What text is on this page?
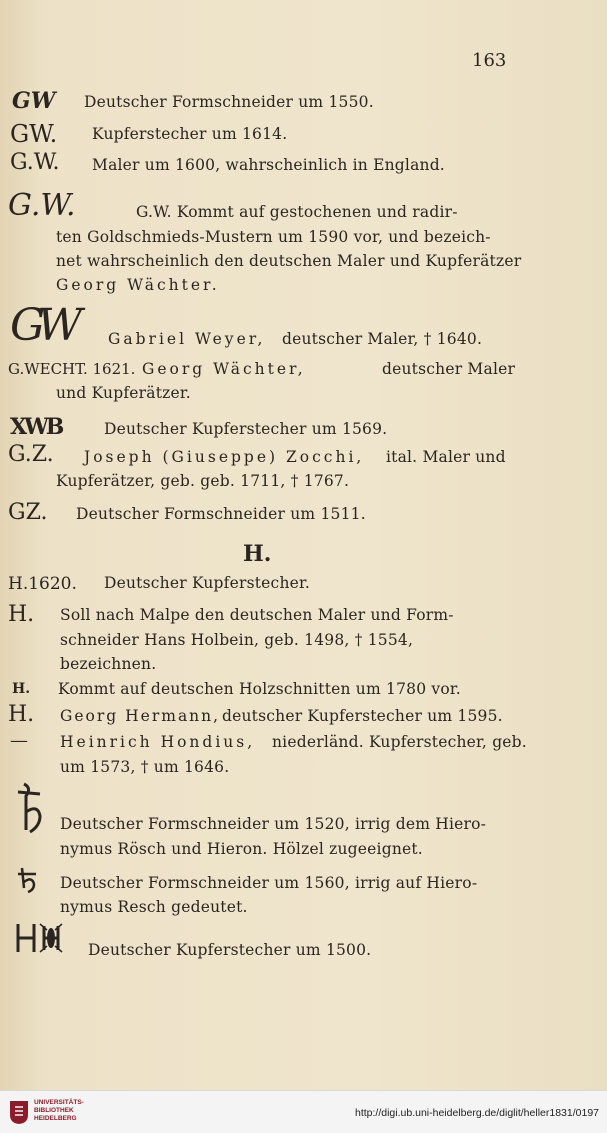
163
GW Deutscher Formschneider um 1550.
GW. Kupferstecher um 1614.
G.W. Maler um 1600, wahrscheinlich in England.
G.W.	G.W. Kommt auf gestochenen und radir-
ten Goldschmieds-Mustern um 1590 vor, und bezeich-
net wahrscheinlich den deutschen Maler und Kupferätzer
Georg Wächter.
GW Gabriel Weyer, deutscher Maler, † 1640.
G.WECHT. 1621. Georg Wächter,	deutscher Maler
und Kupferätzer.
XWB	Deutscher Kupferstecher um 1569.
G.Z. Joseph (Giuseppe) Zocchi, ital. Maler und
Kupferätzer, geb. geb. 1711, † 1767.
GZ. Deutscher Formschneider um 1511.
H.
H.1620. Deutscher Kupferstecher.
H. Soll nach Malpe den deutschen Maler und Form-
schneider Hans Holbein, geb. 1498, † 1554,
bezeichnen.
H. Kommt auf deutschen Holzschnitten um 1780 vor.
H. Georg Hermann, deutscher Kupferstecher um 1595.
— Heinrich Hondius, niederländ. Kupferstecher, geb.
um 1573, † um 1646.
Deutscher Formschneider um 1520, irrig dem Hiero-
nymus Rösch und Hieron. Hölzel zugeeignet.
Deutscher Formschneider um 1560, irrig auf Hiero-
nymus Resch gedeutet.
Deutscher Kupferstecher um 1500.
UNIVERSITÄTS-
BIBLIOTHEK
HEIDELBERG	http://digi.ub.uni-heidelberg.de/diglit/heller1831/0197
